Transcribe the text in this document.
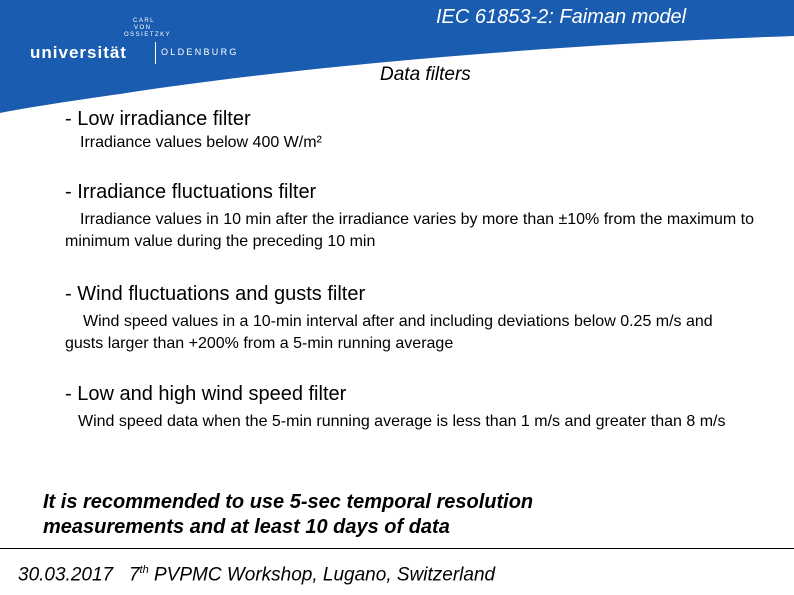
CARL
VON
OSSIETZKY
universität	OLDENBURG
IEC 61853-2: Faiman model
Data filters
- Low irradiance filter
Irradiance values below 400 W/m²
- Irradiance fluctuations filter
Irradiance values in 10 min after the irradiance varies by more than ±10% from the maximum to minimum value during the preceding 10 min
- Wind fluctuations and gusts filter
Wind speed values in a 10-min interval after and including deviations below 0.25 m/s and gusts larger than +200% from a 5-min running average
- Low and high wind speed filter
Wind speed data when the 5-min running average is less than 1 m/s and greater than 8 m/s
It is recommended to use 5-sec temporal resolution
measurements and at least 10 days of data
30.03.2017 7th PVPMC Workshop, Lugano, Switzerland
